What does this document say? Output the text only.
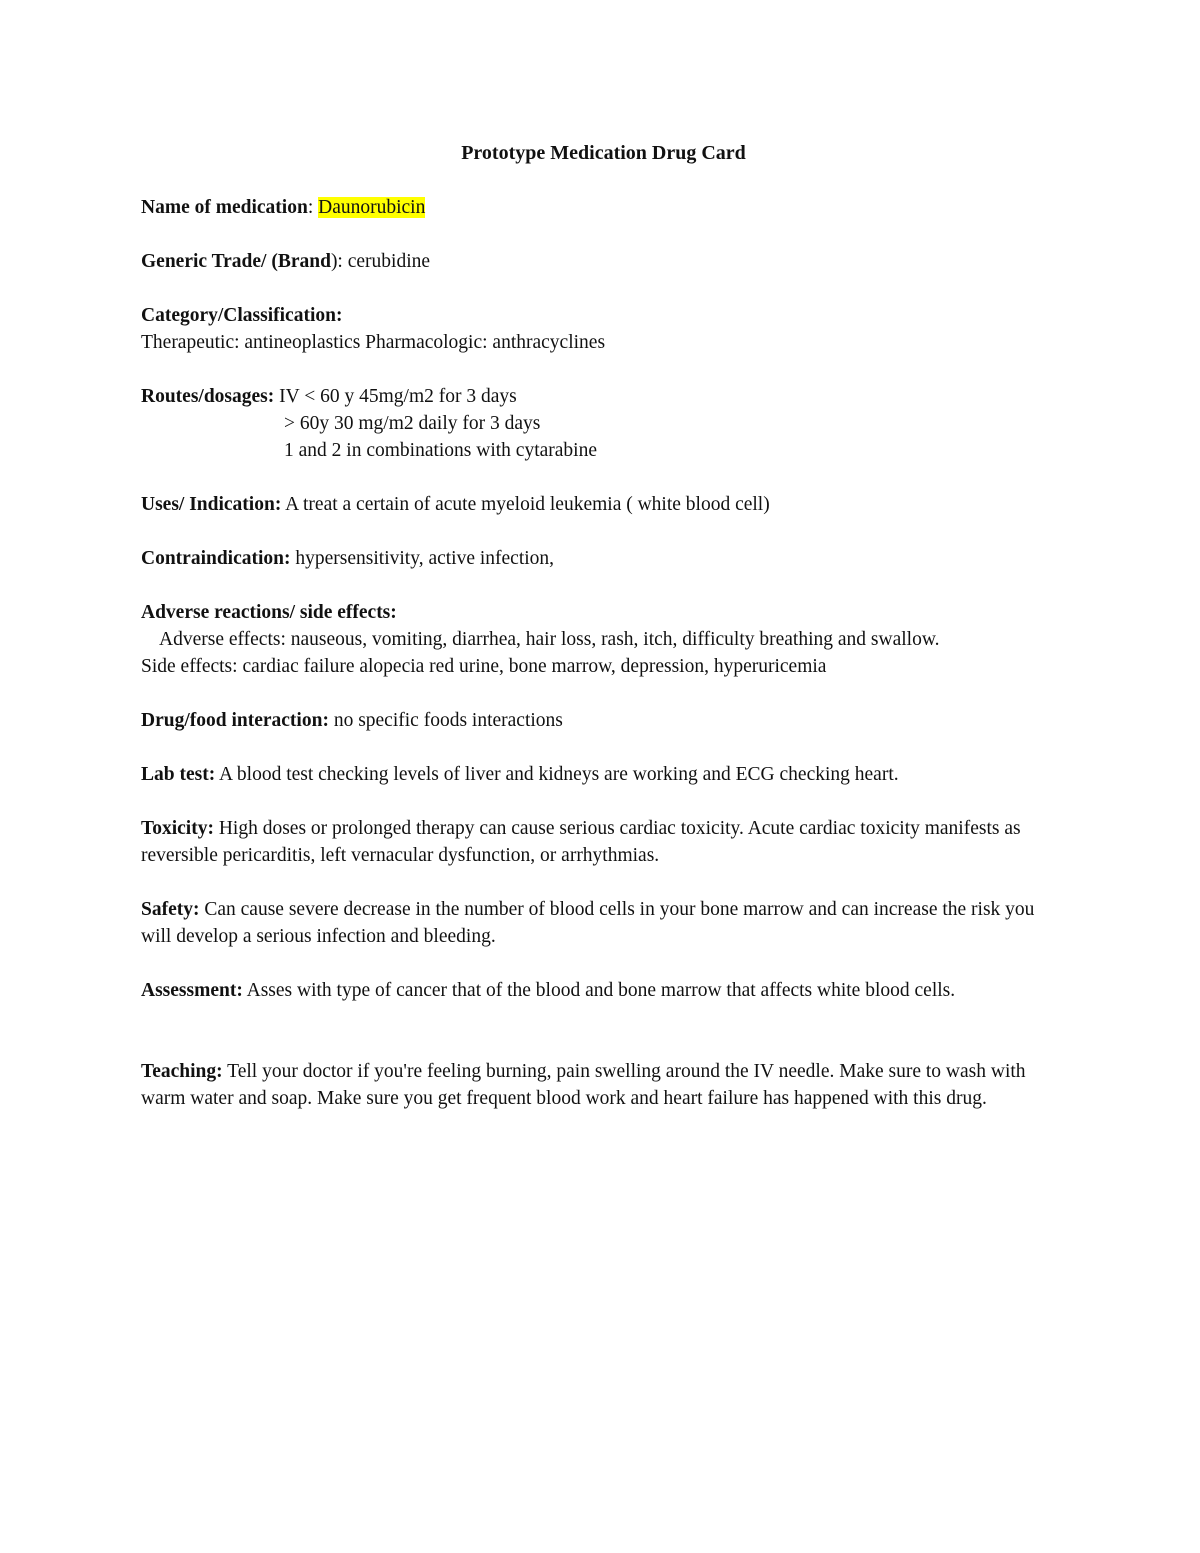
Prototype Medication Drug Card
Name of medication: Daunorubicin
Generic Trade/ (Brand): cerubidine
Category/Classification:
Therapeutic: antineoplastics Pharmacologic: anthracyclines
Routes/dosages: IV < 60 y 45mg/m2 for 3 days
> 60y 30 mg/m2 daily for 3 days
1 and 2 in combinations with cytarabine
Uses/ Indication: A treat a certain of acute myeloid leukemia ( white blood cell)
Contraindication: hypersensitivity, active infection,
Adverse reactions/ side effects:
Adverse effects: nauseous, vomiting, diarrhea, hair loss, rash, itch, difficulty breathing and swallow.
Side effects: cardiac failure alopecia red urine, bone marrow, depression, hyperuricemia
Drug/food interaction: no specific foods interactions
Lab test: A blood test checking levels of liver and kidneys are working and ECG checking heart.
Toxicity: High doses or prolonged therapy can cause serious cardiac toxicity. Acute cardiac toxicity manifests as reversible pericarditis, left vernacular dysfunction, or arrhythmias.
Safety: Can cause severe decrease in the number of blood cells in your bone marrow and can increase the risk you will develop a serious infection and bleeding.
Assessment: Asses with type of cancer that of the blood and bone marrow that affects white blood cells.
Teaching: Tell your doctor if you're feeling burning, pain swelling around the IV needle. Make sure to wash with warm water and soap. Make sure you get frequent blood work and heart failure has happened with this drug.
